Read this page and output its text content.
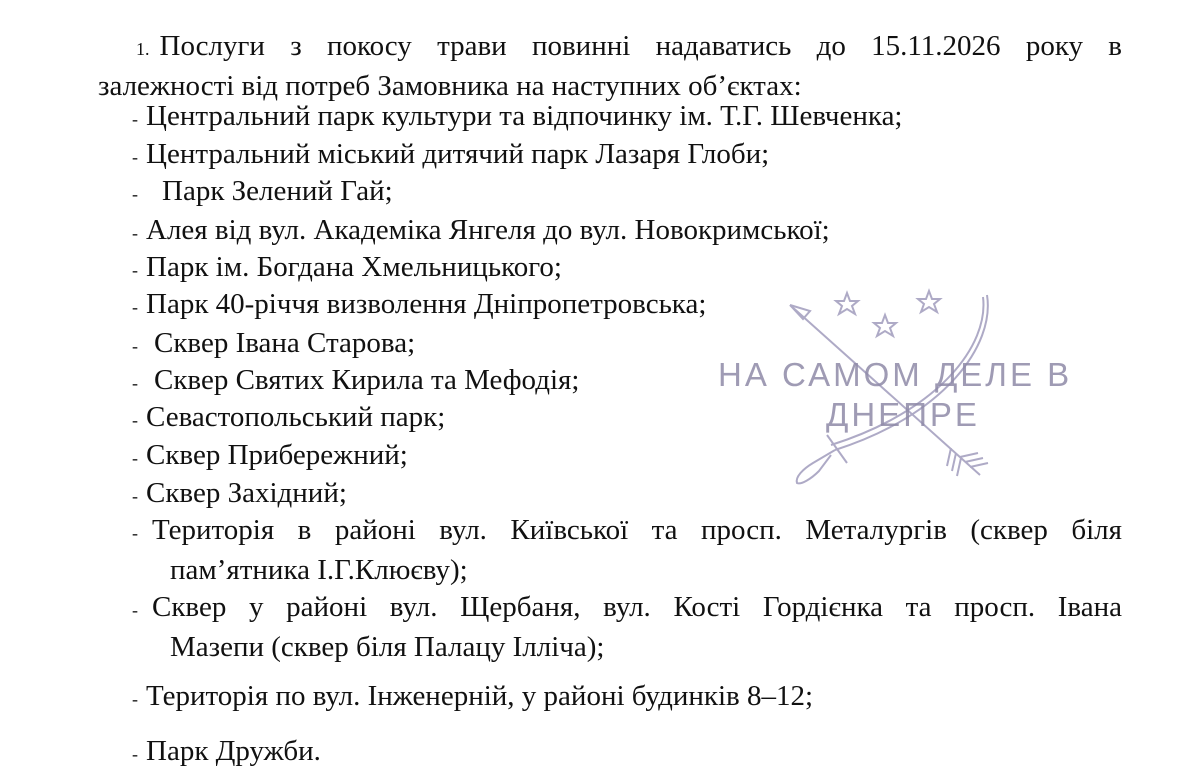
1. Послуги з покосу трави повинні надаватись до 15.11.2026 року в
залежності від потреб Замовника на наступних об’єктах:
- Центральний парк культури та відпочинку ім. Т.Г. Шевченка;
- Центральний міський дитячий парк Лазаря Глоби;
- Парк Зелений Гай;
- Алея від вул. Академіка Янгеля до вул. Новокримської;
- Парк ім. Богдана Хмельницького;
- Парк 40-річчя визволення Дніпропетровська;
- Сквер Івана Старова;
- Сквер Святих Кирила та Мефодія;
- Севастопольський парк;
- Сквер Прибережний;
- Сквер Західний;
- Територія в районі вул. Київської та просп. Металургів (сквер біля
пам’ятника І.Г.Клюєву);
- Сквер у районі вул. Щербаня, вул. Кості Гордієнка та просп. Івана
Мазепи (сквер біля Палацу Ілліча);
- Територія по вул. Інженерній, у районі будинків 8–12;
- Парк Дружби.
НА САМОМ ДЕЛЕ В
ДНЕПРЕ
